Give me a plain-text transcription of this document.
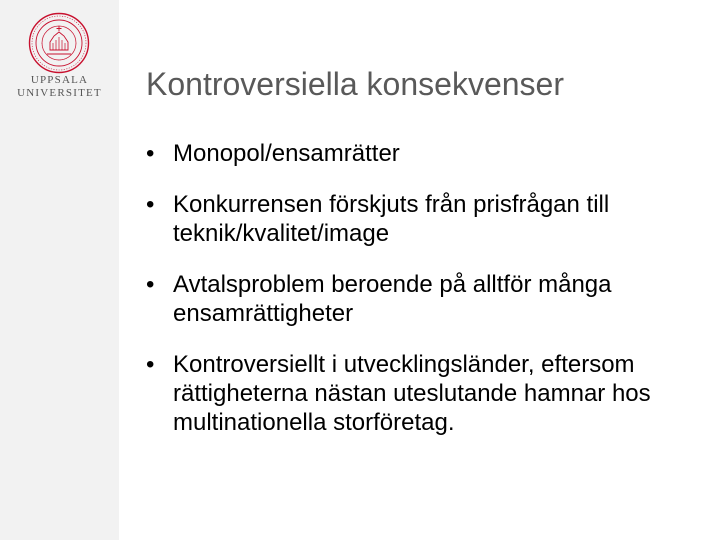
UPPSALA
UNIVERSITET	Kontroversiella konsekvenser
• Monopol/ensamrätter
• Konkurrensen förskjuts från prisfrågan till teknik/kvalitet/image
• Avtalsproblem beroende på alltför många ensamrättigheter
• Kontroversiellt i utvecklingsländer, eftersom rättigheterna nästan uteslutande hamnar hos multinationella storföretag.
